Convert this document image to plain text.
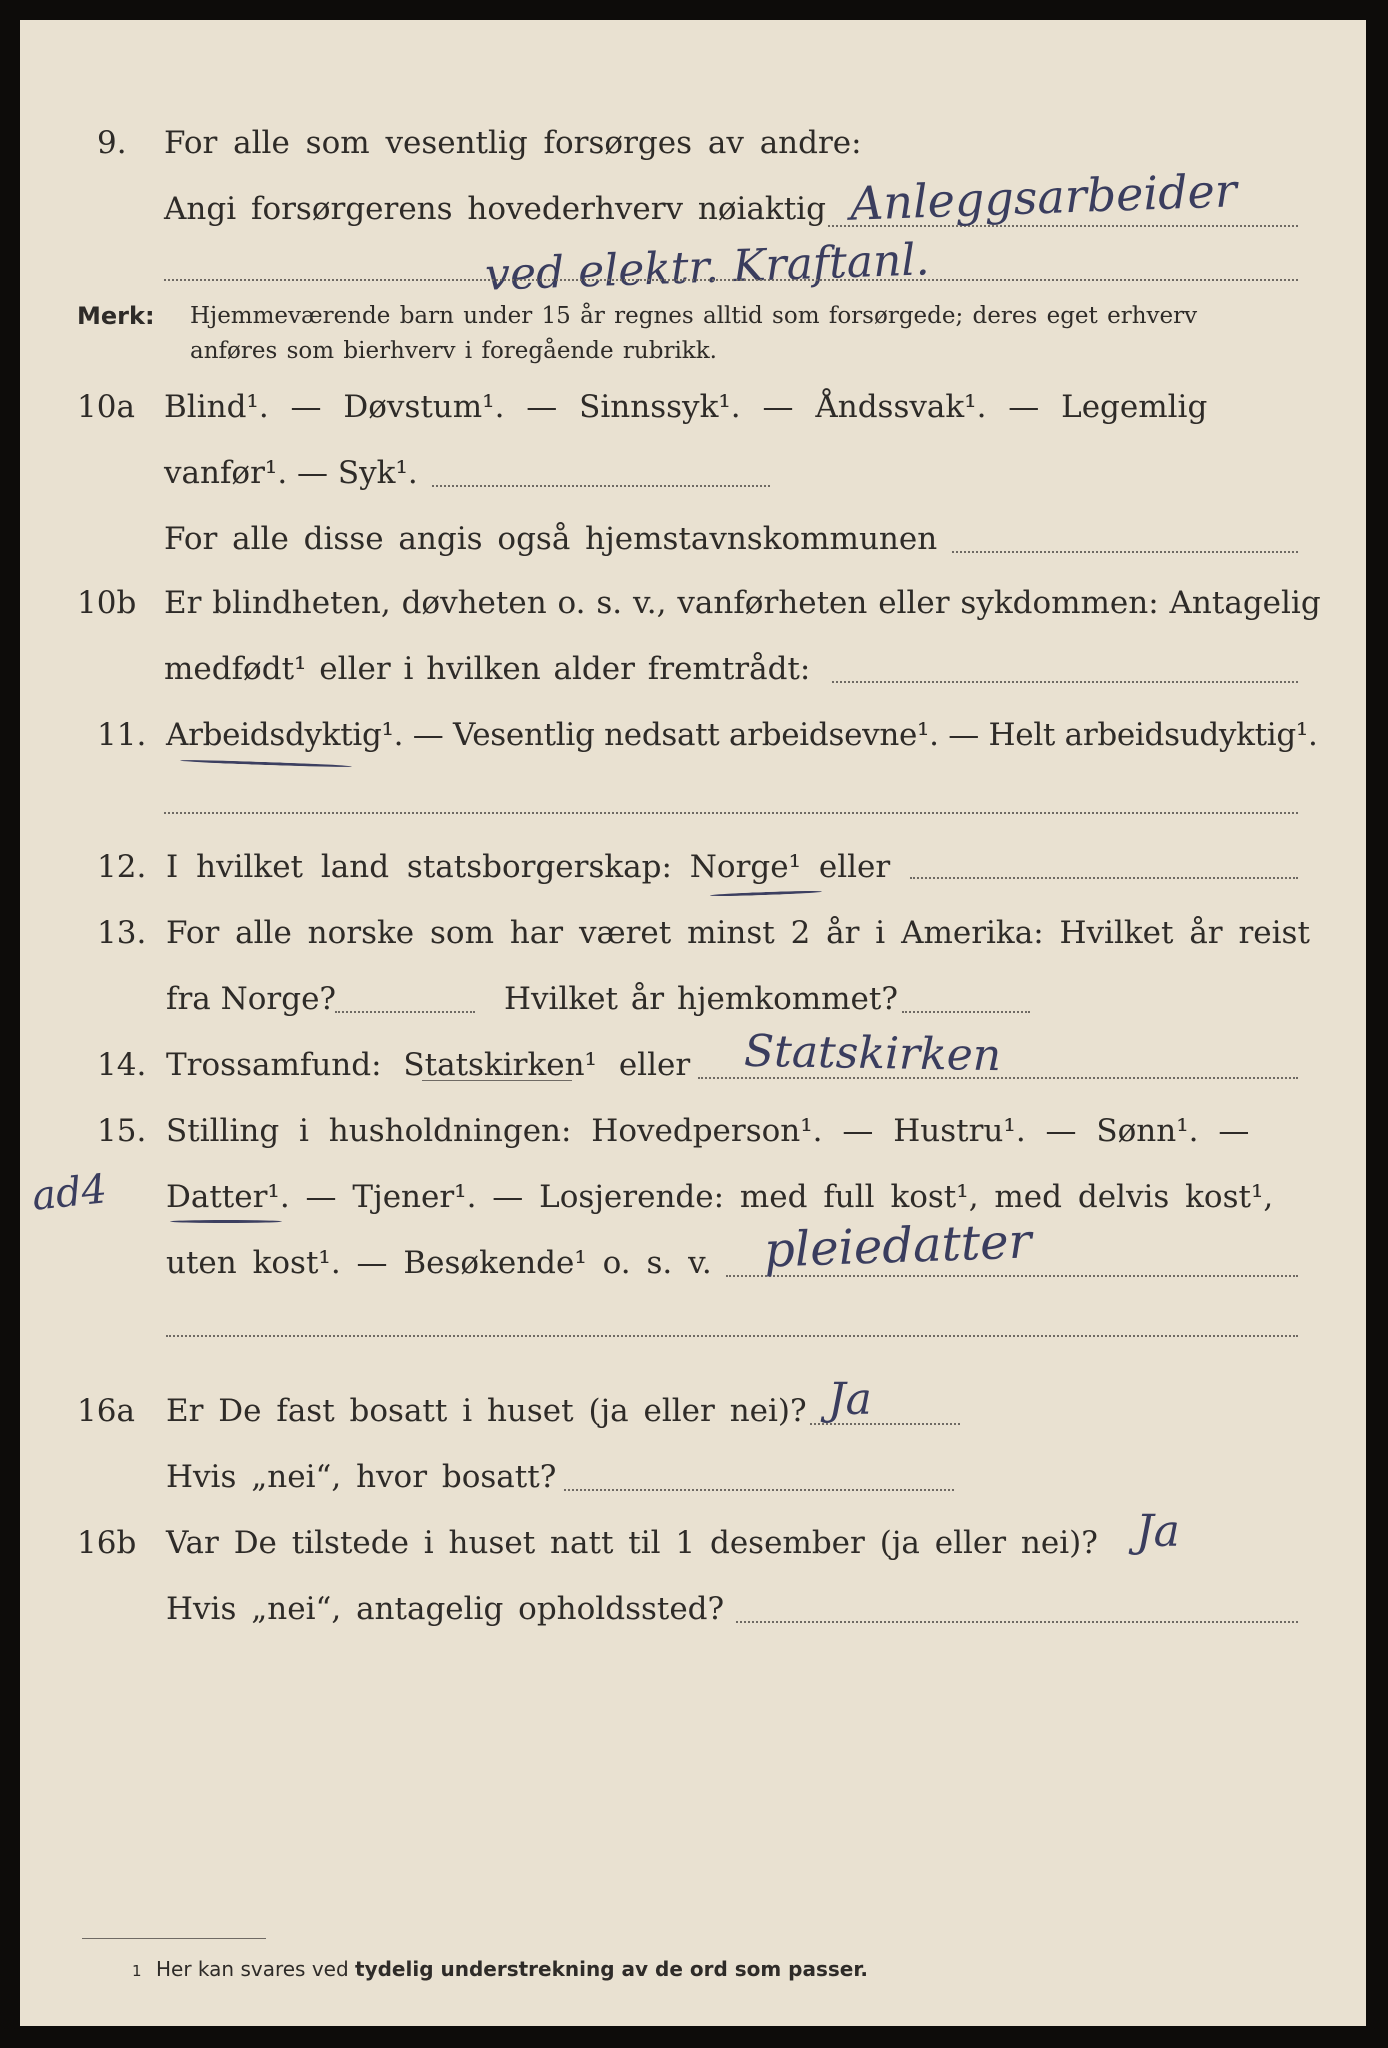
9. For alle som vesentlig forsørges av andre:
Angi forsørgerens hovederhverv nøiaktig Anleggsarbeider
ved elektr. Kraftanl.
Merk: Hjemmeværende barn under 15 år regnes alltid som forsørgede; deres eget erhverv
anføres som bierhverv i foregående rubrikk.
10a Blind¹. — Døvstum¹. — Sinnssyk¹. — Åndssvak¹. — Legemlig
vanfør¹. — Syk¹.
For alle disse angis også hjemstavnskommunen
10b Er blindheten, døvheten o. s. v., vanførheten eller sykdommen: Antagelig
medfødt¹ eller i hvilken alder fremtrådt:
11. Arbeidsdyktig¹. — Vesentlig nedsatt arbeidsevne¹. — Helt arbeidsudyktig¹.
12. I hvilket land statsborgerskap: Norge¹ eller
13. For alle norske som har været minst 2 år i Amerika: Hvilket år reist
fra Norge?	Hvilket år hjemkommet?
14. Trossamfund: Statskirken¹ eller Statskirken
15. Stilling i husholdningen: Hovedperson¹. — Hustru¹. — Sønn¹. —
Datter¹. — Tjener¹. — Losjerende: med full kost¹, med delvis kost¹,
ad4
uten kost¹. — Besøkende¹ o. s. v. pleiedatter
16a Er De fast bosatt i huset (ja eller nei)? Ja
Hvis „nei“, hvor bosatt?
16b Var De tilstede i huset natt til 1 desember (ja eller nei)? Ja
Hvis „nei“, antagelig opholdssted?
1 Her kan svares ved tydelig understrekning av de ord som passer.
